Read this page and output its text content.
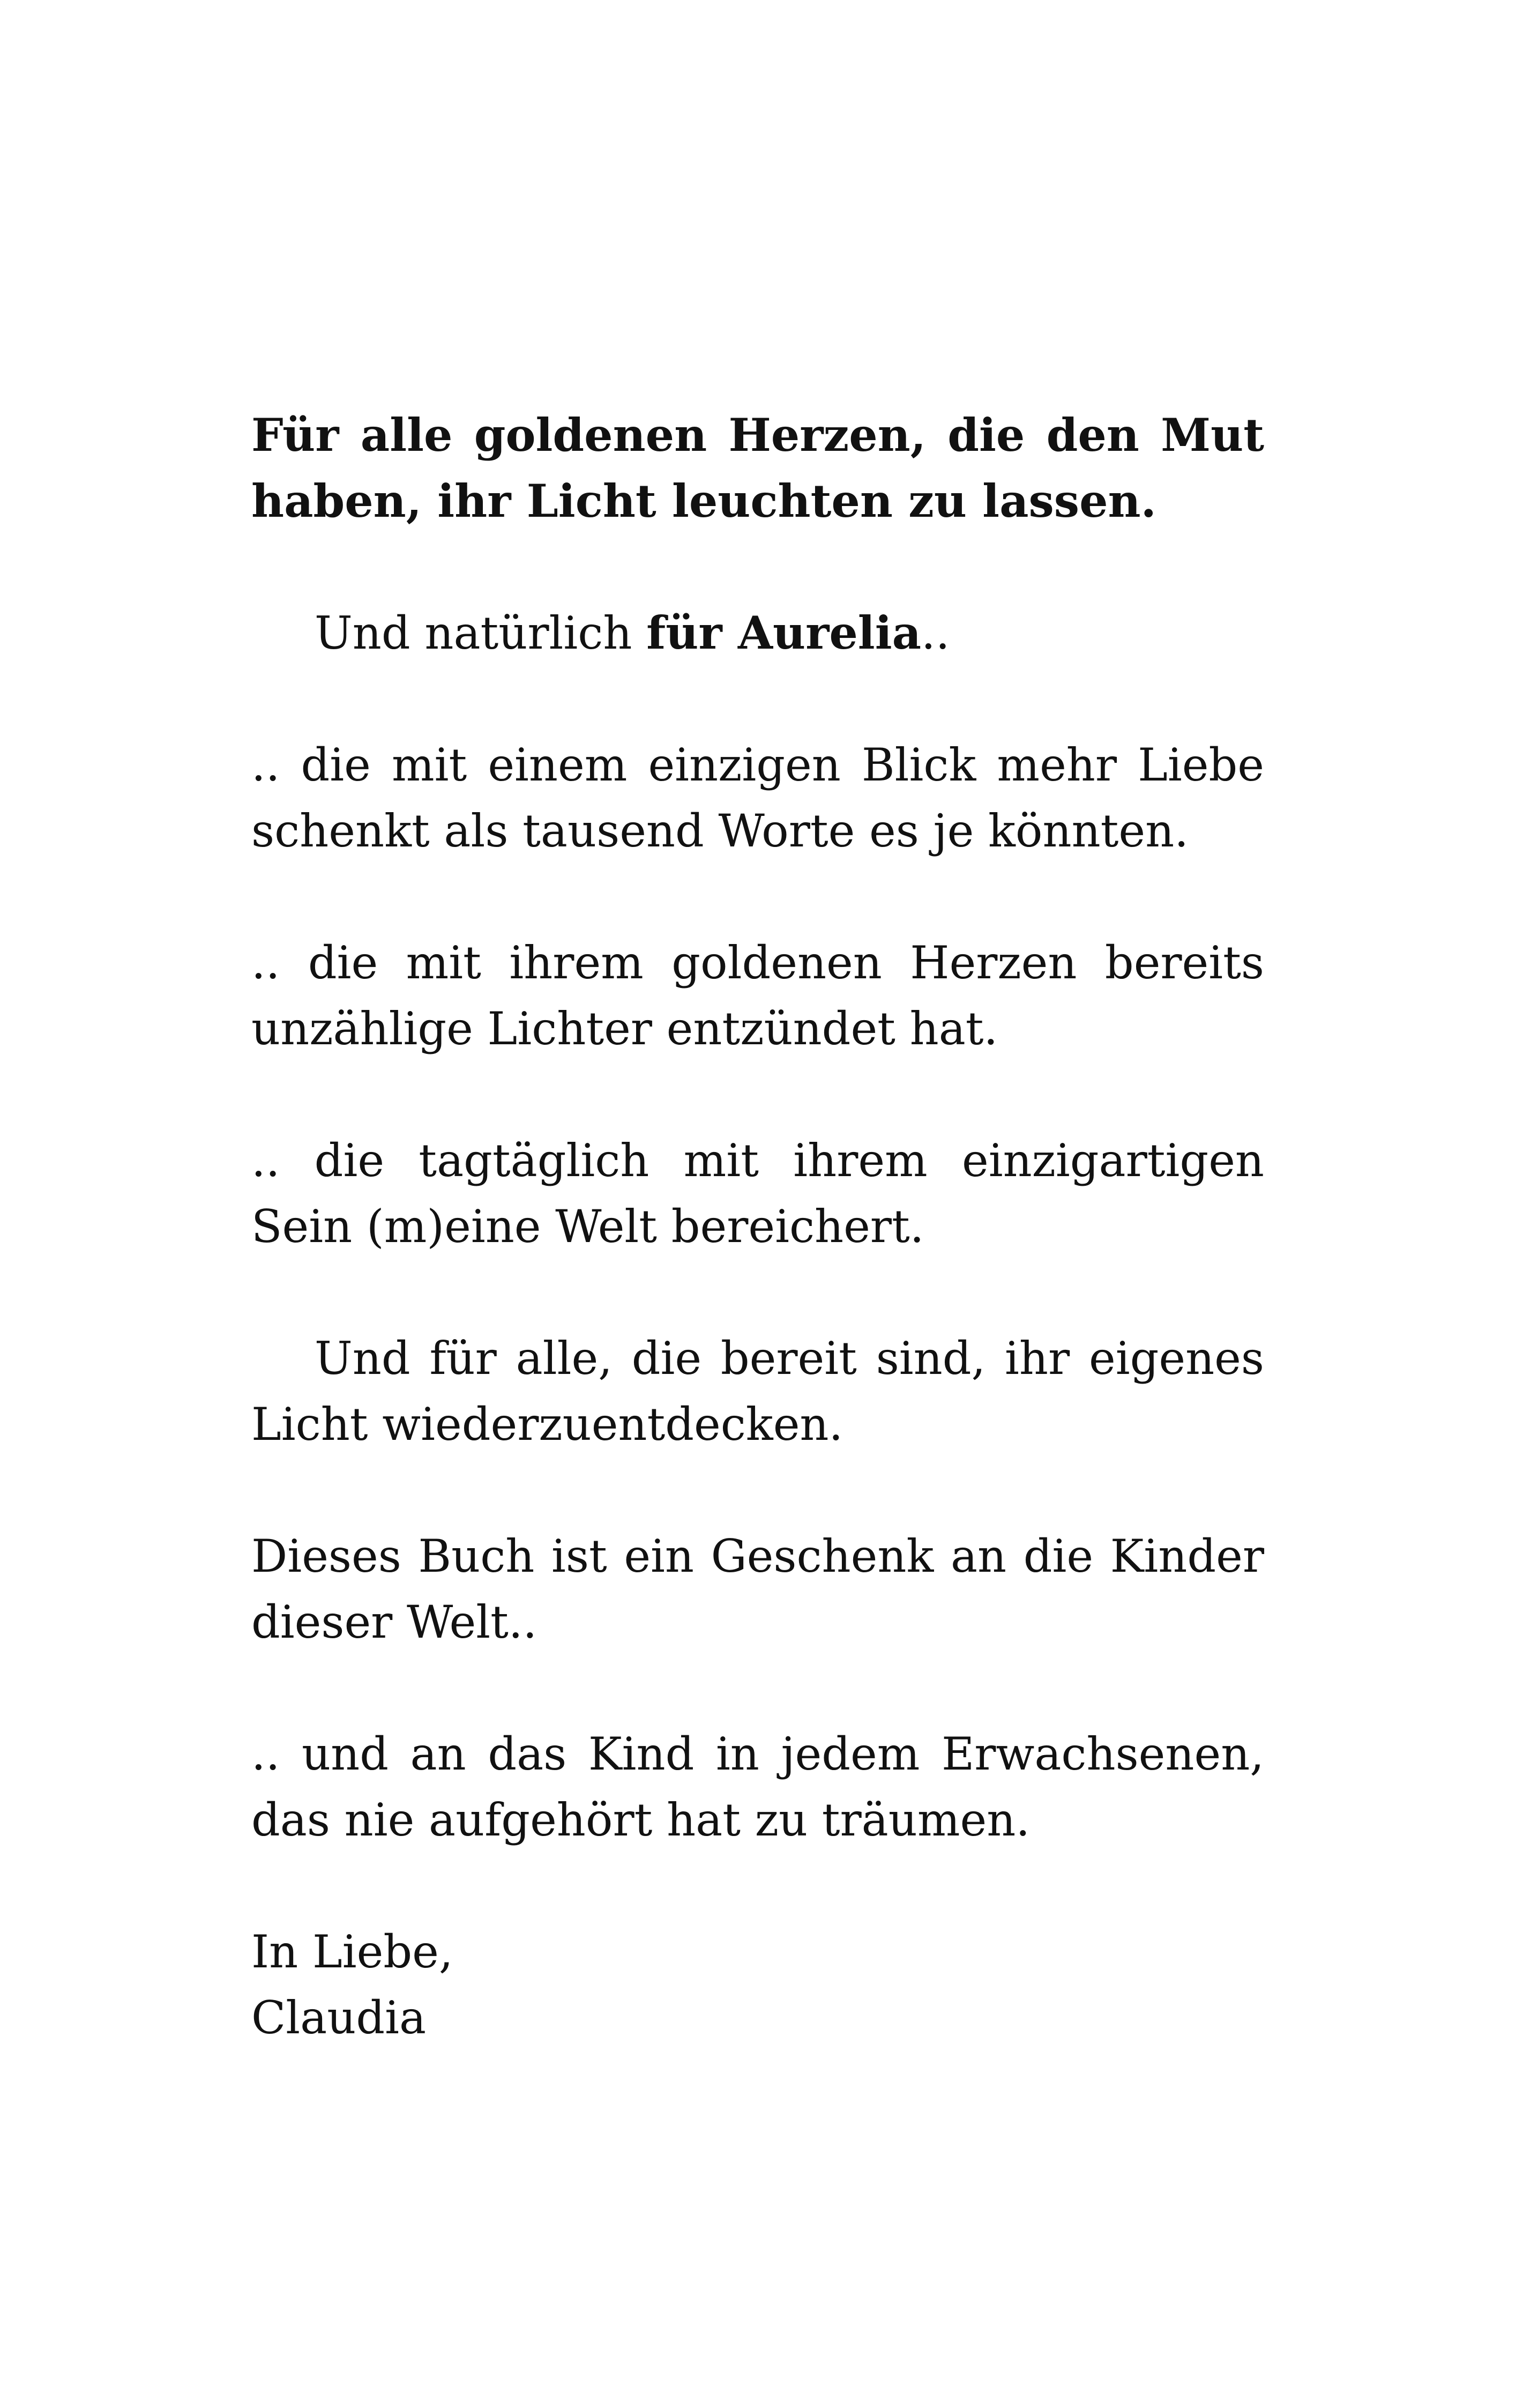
Für alle goldenen Herzen, die den Mut haben, ihr Licht leuchten zu lassen.

Und natürlich für Aurelia..

.. die mit einem einzigen Blick mehr Liebe schenkt als tausend Worte es je könnten.

.. die mit ihrem goldenen Herzen bereits unzählige Lichter entzündet hat.

.. die tagtäglich mit ihrem einzigartigen Sein (m)eine Welt bereichert.

Und für alle, die bereit sind, ihr eigenes Licht wiederzuentdecken.

Dieses Buch ist ein Geschenk an die Kinder dieser Welt..

.. und an das Kind in jedem Erwachsenen, das nie aufgehört hat zu träumen.

In Liebe,
Claudia
